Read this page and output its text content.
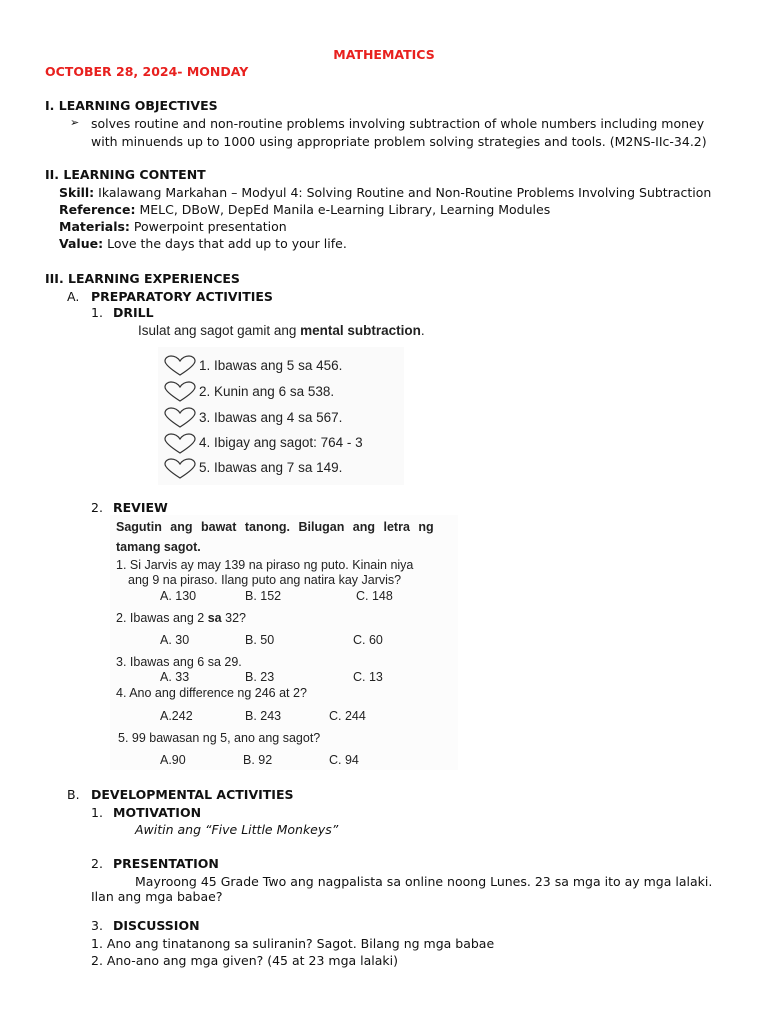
MATHEMATICS
OCTOBER 28, 2024- MONDAY
I. LEARNING OBJECTIVES
➢ solves routine and non-routine problems involving subtraction of whole numbers including money
with minuends up to 1000 using appropriate problem solving strategies and tools. (M2NS-IIc-34.2)
II. LEARNING CONTENT
Skill: Ikalawang Markahan – Modyul 4: Solving Routine and Non-Routine Problems Involving Subtraction
Reference: MELC, DBoW, DepEd Manila e-Learning Library, Learning Modules
Materials: Powerpoint presentation
Value: Love the days that add up to your life.
III. LEARNING EXPERIENCES
A. PREPARATORY ACTIVITIES
1. DRILL
Isulat ang sagot gamit ang mental subtraction.
1. Ibawas ang 5 sa 456.
2. Kunin ang 6 sa 538.
3. Ibawas ang 4 sa 567.
4. Ibigay ang sagot: 764 - 3
5. Ibawas ang 7 sa 149.
2. REVIEW
Sagutin ang bawat tanong. Bilugan ang letra ng
tamang sagot.
1. Si Jarvis ay may 139 na piraso ng puto. Kinain niya
ang 9 na piraso. Ilang puto ang natira kay Jarvis?
A. 130	B. 152	C. 148
2. Ibawas ang 2 sa 32?
A. 30	B. 50	C. 60
3. Ibawas ang 6 sa 29.
A. 33	B. 23	C. 13
4. Ano ang difference ng 246 at 2?
A.242	B. 243	C. 244
5. 99 bawasan ng 5, ano ang sagot?
A.90	B. 92	C. 94
B. DEVELOPMENTAL ACTIVITIES
1. MOTIVATION
Awitin ang “Five Little Monkeys”
2. PRESENTATION
Mayroong 45 Grade Two ang nagpalista sa online noong Lunes. 23 sa mga ito ay mga lalaki.
Ilan ang mga babae?
3. DISCUSSION
1. Ano ang tinatanong sa suliranin? Sagot. Bilang ng mga babae
2. Ano-ano ang mga given? (45 at 23 mga lalaki)
